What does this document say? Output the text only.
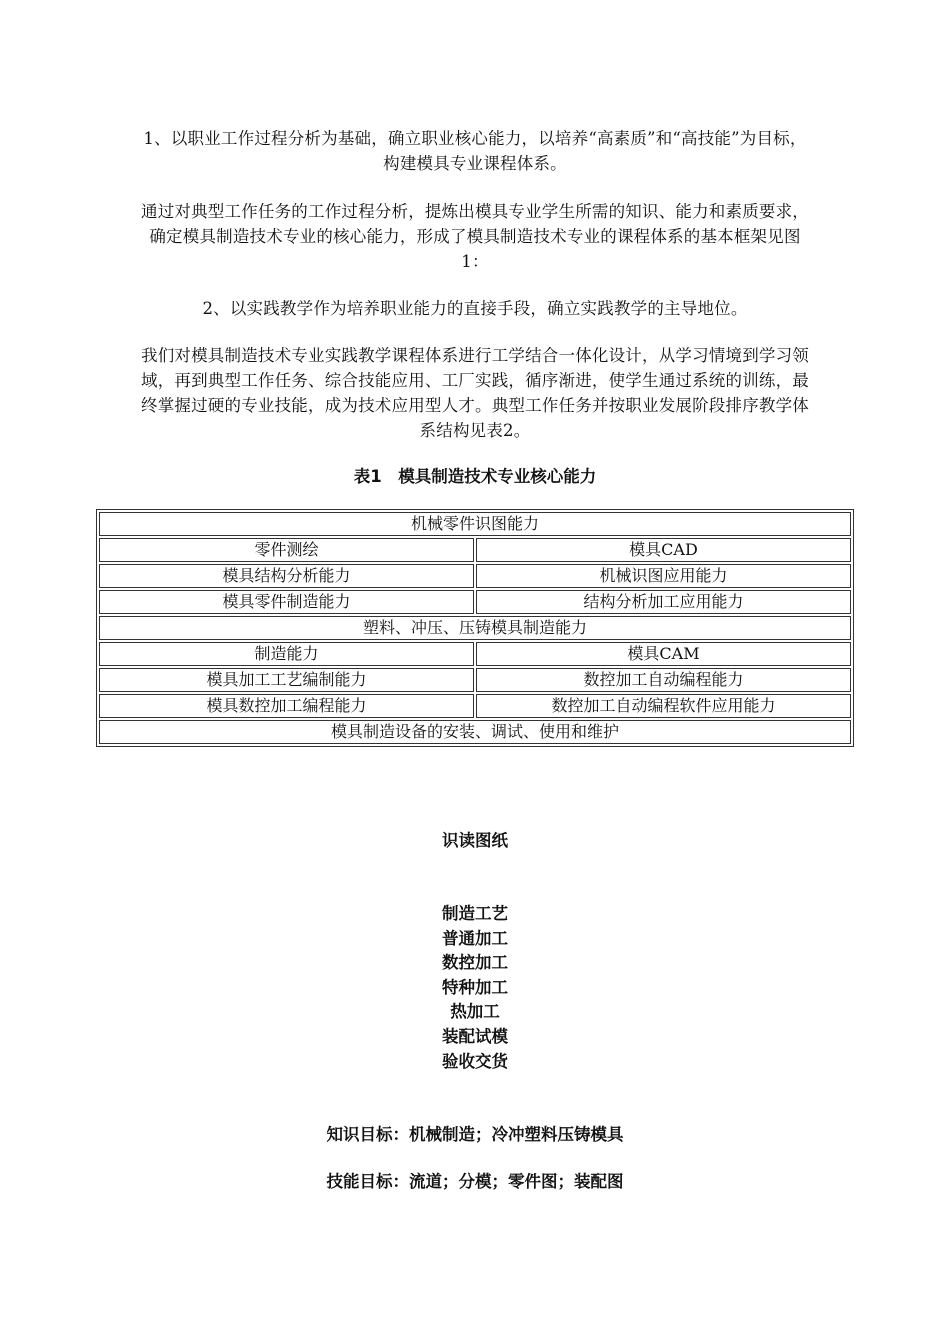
1、以职业工作过程分析为基础，确立职业核心能力，以培养“高素质”和“高技能”为目标，构建模具专业课程体系。
通过对典型工作任务的工作过程分析，提炼出模具专业学生所需的知识、能力和素质要求，确定模具制造技术专业的核心能力，形成了模具制造技术专业的课程体系的基本框架见图1：
2、以实践教学作为培养职业能力的直接手段，确立实践教学的主导地位。
我们对模具制造技术专业实践教学课程体系进行工学结合一体化设计，从学习情境到学习领域，再到典型工作任务、综合技能应用、工厂实践，循序渐进，使学生通过系统的训练，最终掌握过硬的专业技能，成为技术应用型人才。典型工作任务并按职业发展阶段排序教学体系结构见表2。
表1　模具制造技术专业核心能力
机械零件识图能力	
零件测绘	模具CAD
模具结构分析能力	机械识图应用能力
模具零件制造能力	结构分析加工应用能力
塑料、冲压、压铸模具制造能力	
制造能力	模具CAM
模具加工工艺编制能力	数控加工自动编程能力
模具数控加工编程能力	数控加工自动编程软件应用能力
模具制造设备的安装、调试、使用和维护	
识读图纸
制造工艺
普通加工
数控加工
特种加工
热加工
装配试模
验收交货
知识目标：机械制造；冷冲塑料压铸模具
技能目标：流道；分模；零件图；装配图
